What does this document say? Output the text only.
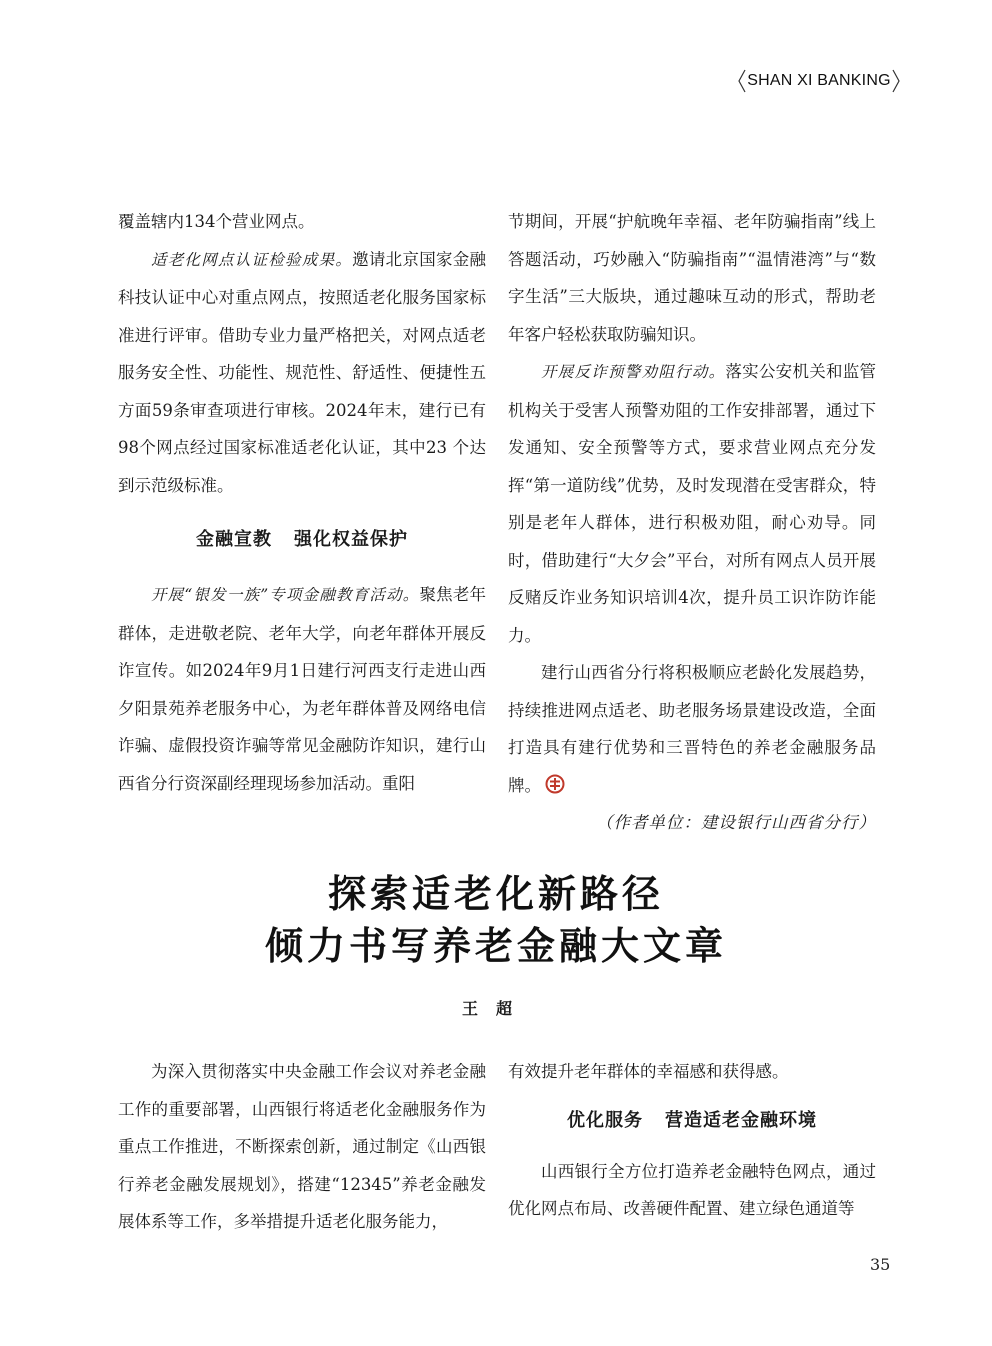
SHAN XI BANKING

覆盖辖内134个营业网点。

适老化网点认证检验成果。邀请北京国家金融科技认证中心对重点网点，按照适老化服务国家标准进行评审。借助专业力量严格把关，对网点适老服务安全性、功能性、规范性、舒适性、便捷性五方面59条审查项进行审核。2024年末，建行已有98个网点经过国家标准适老化认证，其中23 个达到示范级标准。

金融宣教 强化权益保护

开展“银发一族”专项金融教育活动。聚焦老年群体，走进敬老院、老年大学，向老年群体开展反诈宣传。如2024年9月1日建行河西支行走进山西夕阳景苑养老服务中心，为老年群体普及网络电信诈骗、虚假投资诈骗等常见金融防诈知识，建行山西省分行资深副经理现场参加活动。重阳

节期间，开展“护航晚年幸福、老年防骗指南”线上答题活动，巧妙融入“防骗指南”“温情港湾”与“数字生活”三大版块，通过趣味互动的形式，帮助老年客户轻松获取防骗知识。

开展反诈预警劝阻行动。落实公安机关和监管机构关于受害人预警劝阻的工作安排部署，通过下发通知、安全预警等方式，要求营业网点充分发挥“第一道防线”优势，及时发现潜在受害群众，特别是老年人群体，进行积极劝阻，耐心劝导。同时，借助建行“大夕会”平台，对所有网点人员开展反赌反诈业务知识培训4次，提升员工识诈防诈能力。

建行山西省分行将积极顺应老龄化发展趋势，持续推进网点适老、助老服务场景建设改造，全面打造具有建行优势和三晋特色的养老金融服务品牌。
（作者单位：建设银行山西省分行）

探索适老化新路径
倾力书写养老金融大文章
王超

为深入贯彻落实中央金融工作会议对养老金融工作的重要部署，山西银行将适老化金融服务作为重点工作推进，不断探索创新，通过制定《山西银行养老金融发展规划》，搭建“12345”养老金融发展体系等工作，多举措提升适老化服务能力，

有效提升老年群体的幸福感和获得感。

优化服务 营造适老金融环境

山西银行全方位打造养老金融特色网点，通过优化网点布局、改善硬件配置、建立绿色通道等

35
